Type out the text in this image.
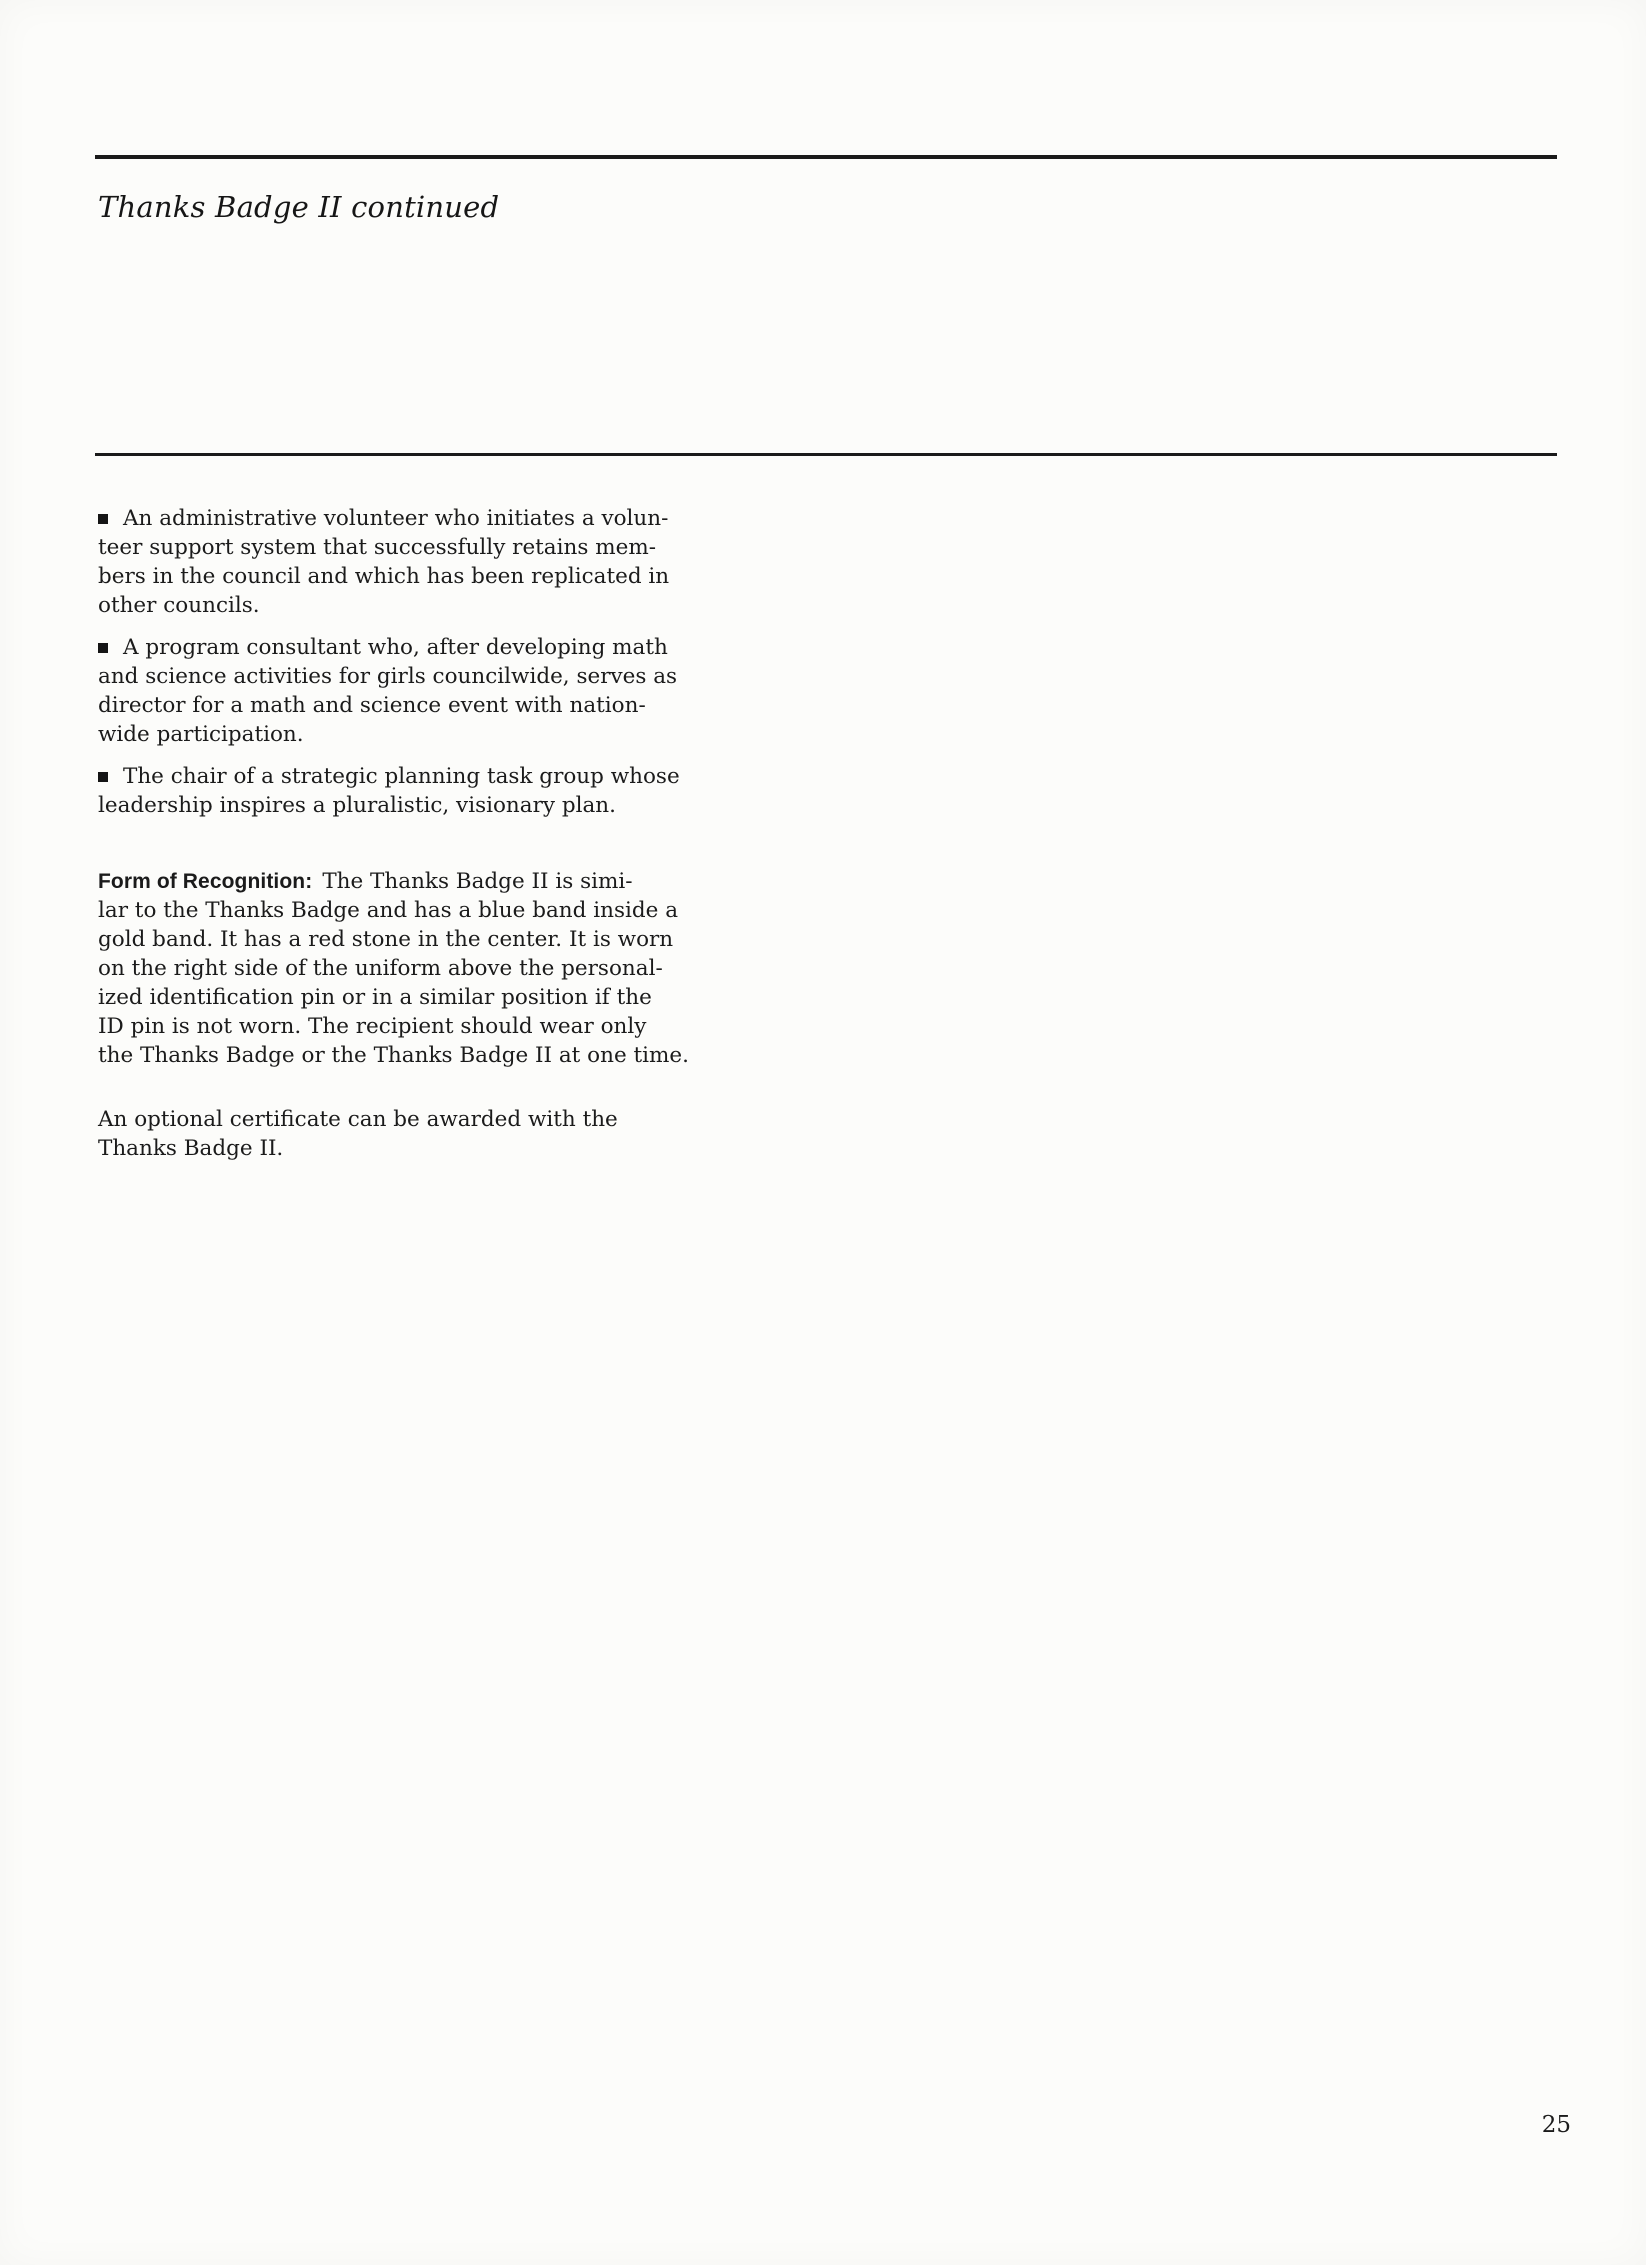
Thanks Badge II continued
An administrative volunteer who initiates a volun-
teer support system that successfully retains mem-
bers in the council and which has been replicated in
other councils.
A program consultant who, after developing math
and science activities for girls councilwide, serves as
director for a math and science event with nation-
wide participation.
The chair of a strategic planning task group whose
leadership inspires a pluralistic, visionary plan.
Form of Recognition: The Thanks Badge II is simi-
lar to the Thanks Badge and has a blue band inside a
gold band. It has a red stone in the center. It is worn
on the right side of the uniform above the personal-
ized identification pin or in a similar position if the
ID pin is not worn. The recipient should wear only
the Thanks Badge or the Thanks Badge II at one time.
An optional certificate can be awarded with the
Thanks Badge II.
25
